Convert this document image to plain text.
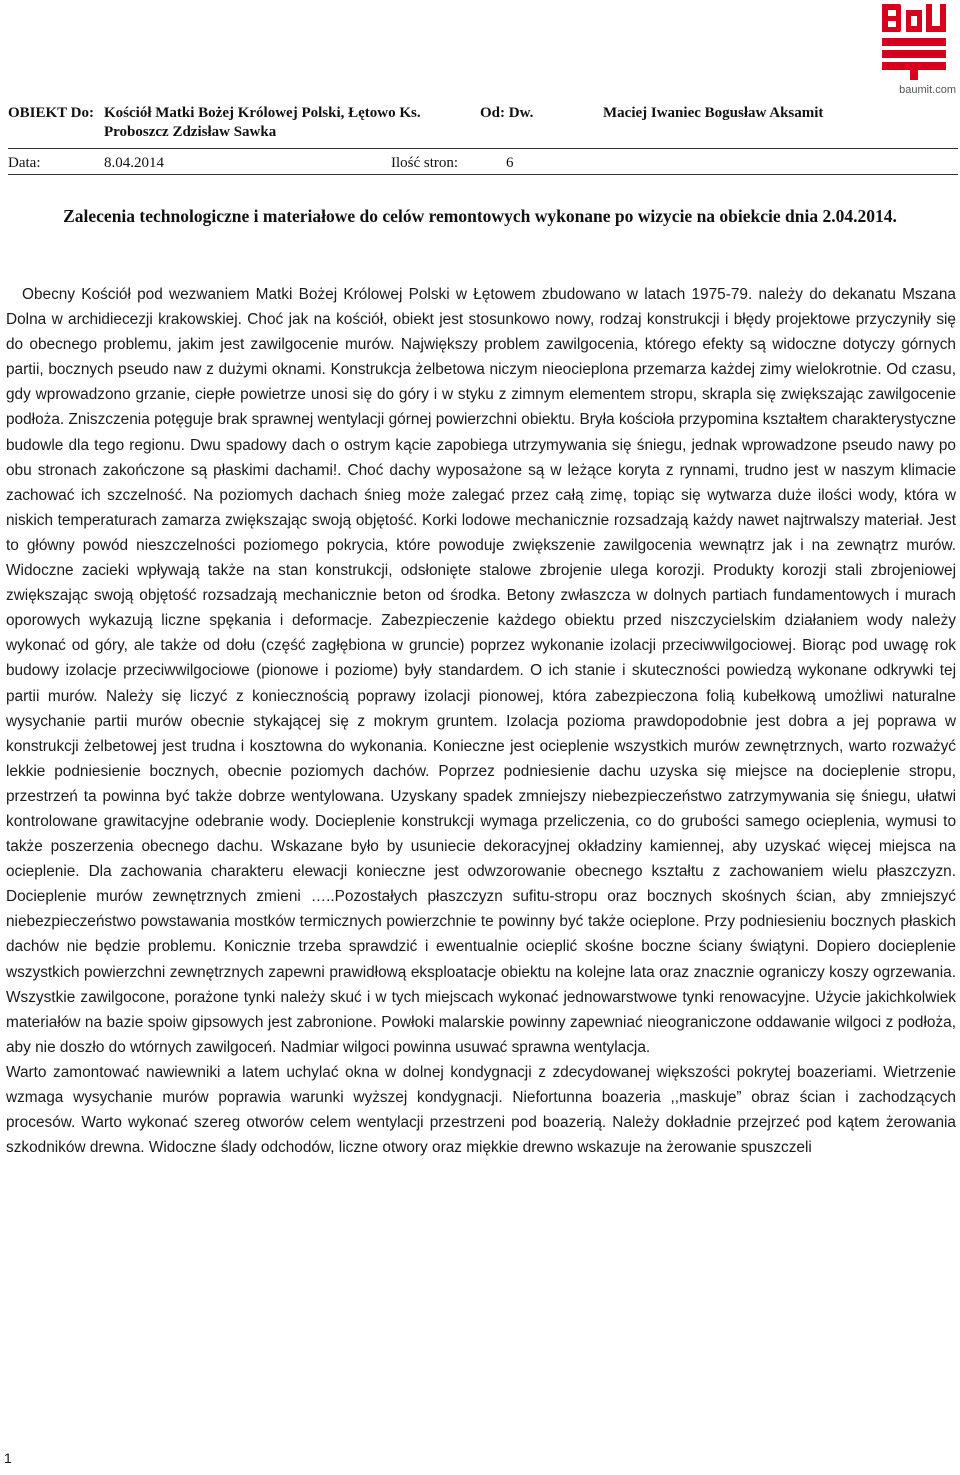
baumit.com
OBIEKT Do: Kościół Matki Bożej Królowej Polski, Łętowo Ks. Proboszcz Zdzisław Sawka
Od: Dw.	Maciej Iwaniec Bogusław Aksamit
Data:	8.04.2014	Ilość stron:	6
Zalecenia technologiczne i materiałowe do celów remontowych wykonane po wizycie na obiekcie dnia 2.04.2014.

Obecny Kościół pod wezwaniem Matki Bożej Królowej Polski w Łętowem zbudowano w latach 1975-79. należy do dekanatu Mszana Dolna w archidiecezji krakowskiej. Choć jak na kościół, obiekt jest stosunkowo nowy, rodzaj konstrukcji i błędy projektowe przyczyniły się do obecnego problemu, jakim jest zawilgocenie murów. Największy problem zawilgocenia, którego efekty są widoczne dotyczy górnych partii, bocznych pseudo naw z dużymi oknami. Konstrukcja żelbetowa niczym nieocieplona przemarza każdej zimy wielokrotnie. Od czasu, gdy wprowadzono grzanie, ciepłe powietrze unosi się do góry i w styku z zimnym elementem stropu, skrapla się zwiększając zawilgocenie podłoża. Zniszczenia potęguje brak sprawnej wentylacji górnej powierzchni obiektu. Bryła kościoła przypomina kształtem charakterystyczne budowle dla tego regionu. Dwu spadowy dach o ostrym kącie zapobiega utrzymywania się śniegu, jednak wprowadzone pseudo nawy po obu stronach zakończone są płaskimi dachami!. Choć dachy wyposażone są w leżące koryta z rynnami, trudno jest w naszym klimacie zachować ich szczelność. Na poziomych dachach śnieg może zalegać przez całą zimę, topiąc się wytwarza duże ilości wody, która w niskich temperaturach zamarza zwiększając swoją objętość. Korki lodowe mechanicznie rozsadzają każdy nawet najtrwalszy materiał. Jest to główny powód nieszczelności poziomego pokrycia, które powoduje zwiększenie zawilgocenia wewnątrz jak i na zewnątrz murów. Widoczne zacieki wpływają także na stan konstrukcji, odsłonięte stalowe zbrojenie ulega korozji. Produkty korozji stali zbrojeniowej zwiększając swoją objętość rozsadzają mechanicznie beton od środka. Betony zwłaszcza w dolnych partiach fundamentowych i murach oporowych wykazują liczne spękania i deformacje. Zabezpieczenie każdego obiektu przed niszczycielskim działaniem wody należy wykonać od góry, ale także od dołu (część zagłębiona w gruncie) poprzez wykonanie izolacji przeciwwilgociowej. Biorąc pod uwagę rok budowy izolacje przeciwwilgociowe (pionowe i poziome) były standardem. O ich stanie i skuteczności powiedzą wykonane odkrywki tej partii murów. Należy się liczyć z koniecznością poprawy izolacji pionowej, która zabezpieczona folią kubełkową umożliwi naturalne wysychanie partii murów obecnie stykającej się z mokrym gruntem. Izolacja pozioma prawdopodobnie jest dobra a jej poprawa w konstrukcji żelbetowej jest trudna i kosztowna do wykonania. Konieczne jest ocieplenie wszystkich murów zewnętrznych, warto rozważyć lekkie podniesienie bocznych, obecnie poziomych dachów. Poprzez podniesienie dachu uzyska się miejsce na docieplenie stropu, przestrzeń ta powinna być także dobrze wentylowana. Uzyskany spadek zmniejszy niebezpieczeństwo zatrzymywania się śniegu, ułatwi kontrolowane grawitacyjne odebranie wody. Docieplenie konstrukcji wymaga przeliczenia, co do grubości samego ocieplenia, wymusi to także poszerzenia obecnego dachu. Wskazane było by usuniecie dekoracyjnej okładziny kamiennej, aby uzyskać więcej miejsca na ocieplenie. Dla zachowania charakteru elewacji konieczne jest odwzorowanie obecnego kształtu z zachowaniem wielu płaszczyzn. Docieplenie murów zewnętrznych zmieni …..Pozostałych płaszczyzn sufitu-stropu oraz bocznych skośnych ścian, aby zmniejszyć niebezpieczeństwo powstawania mostków termicznych powierzchnie te powinny być także ocieplone. Przy podniesieniu bocznych płaskich dachów nie będzie problemu. Konicznie trzeba sprawdzić i ewentualnie ocieplić skośne boczne ściany świątyni. Dopiero docieplenie wszystkich powierzchni zewnętrznych zapewni prawidłową eksploatacje obiektu na kolejne lata oraz znacznie ograniczy koszy ogrzewania. Wszystkie zawilgocone, porażone tynki należy skuć i w tych miejscach wykonać jednowarstwowe tynki renowacyjne. Użycie jakichkolwiek materiałów na bazie spoiw gipsowych jest zabronione. Powłoki malarskie powinny zapewniać nieograniczone oddawanie wilgoci z podłoża, aby nie doszło do wtórnych zawilgoceń. Nadmiar wilgoci powinna usuwać sprawna wentylacja.

Warto zamontować nawiewniki a latem uchylać okna w dolnej kondygnacji z zdecydowanej większości pokrytej boazeriami. Wietrzenie wzmaga wysychanie murów poprawia warunki wyższej kondygnacji. Niefortunna boazeria ,,maskuje” obraz ścian i zachodzących procesów. Warto wykonać szereg otworów celem wentylacji przestrzeni pod boazerią. Należy dokładnie przejrzeć pod kątem żerowania szkodników drewna. Widoczne ślady odchodów, liczne otwory oraz miękkie drewno wskazuje na żerowanie spuszczeli

1
